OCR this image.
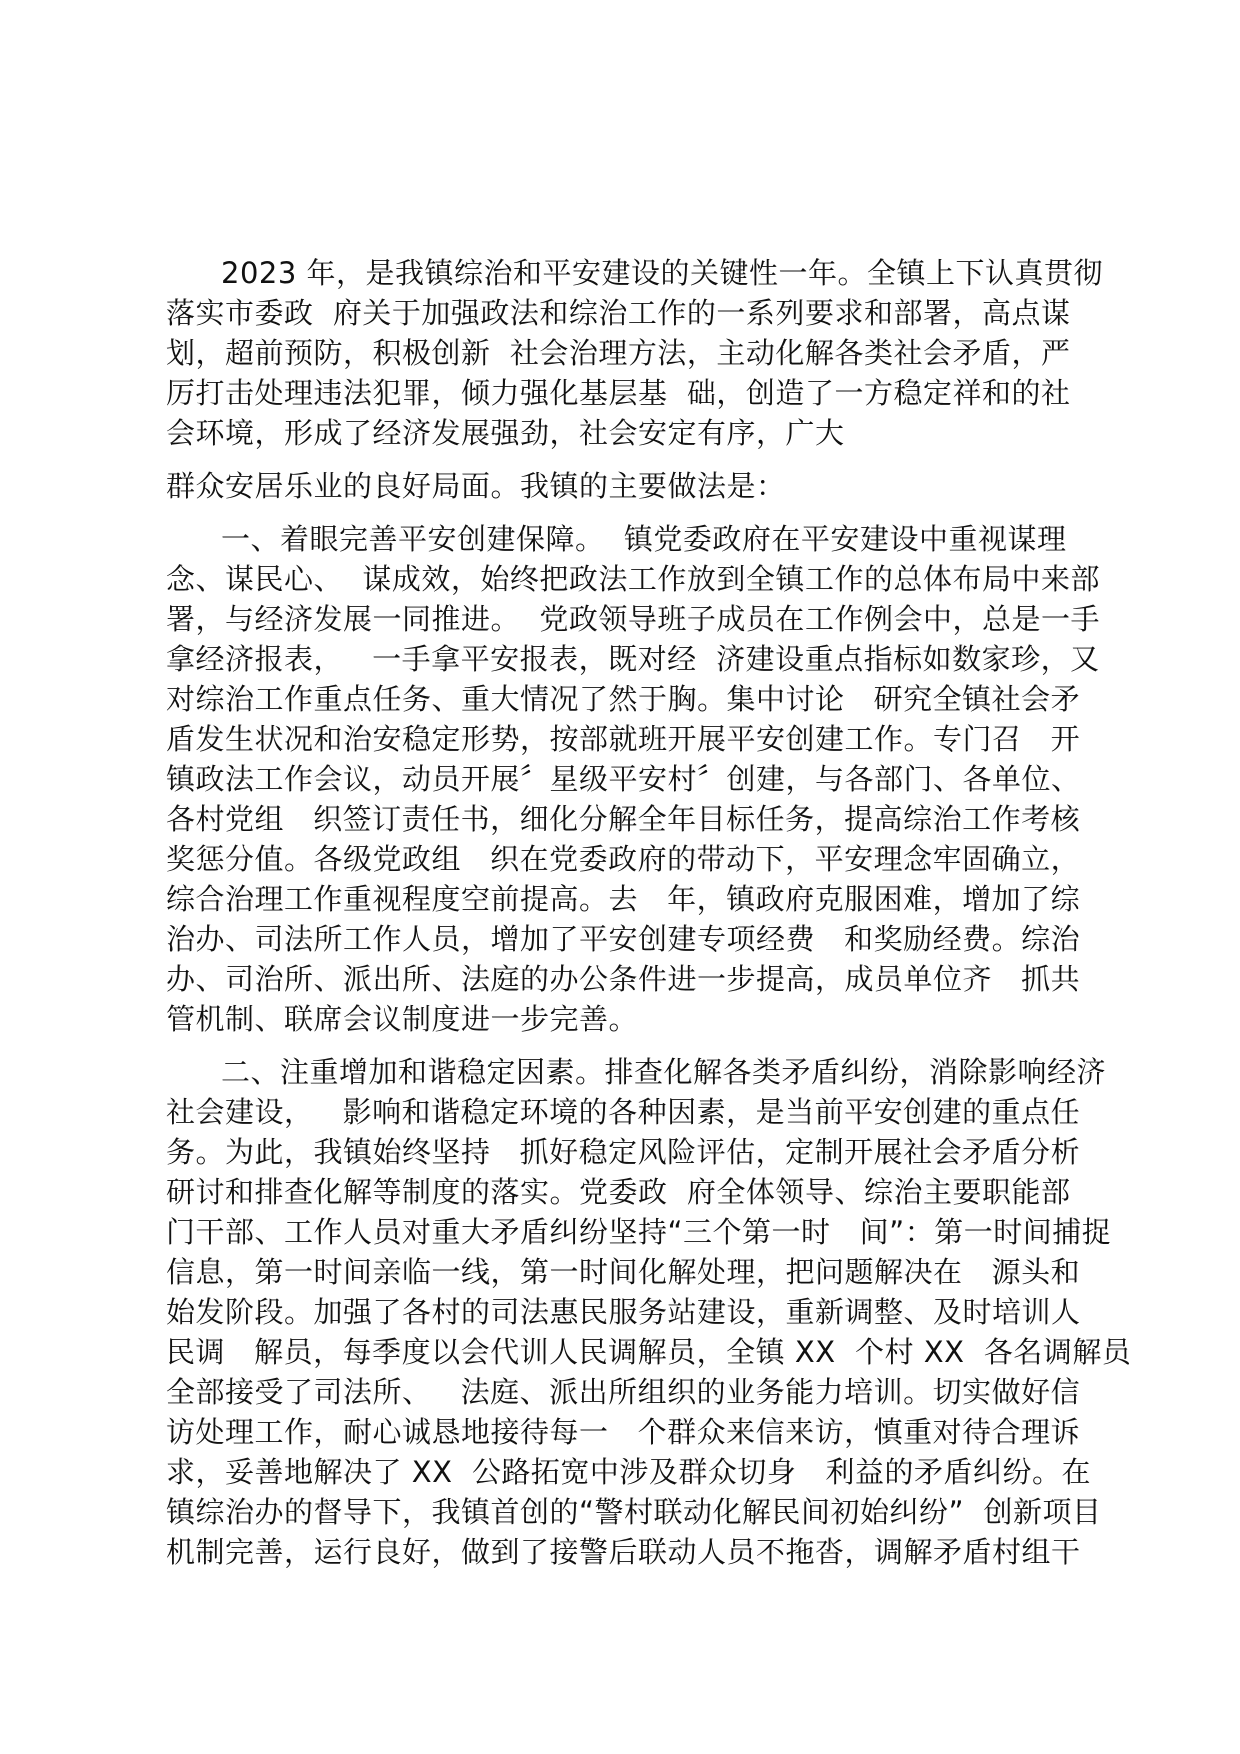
2023 年，是我镇综治和平安建设的关键性一年。全镇上下认真贯彻
落实市委政  府关于加强政法和综治工作的一系列要求和部署，高点谋
划，超前预防，积极创新  社会治理方法，主动化解各类社会矛盾，严
厉打击处理违法犯罪，倾力强化基层基  础，创造了一方稳定祥和的社
会环境，形成了经济发展强劲，社会安定有序，广大
群众安居乐业的良好局面。我镇的主要做法是：
一、着眼完善平安创建保障。  镇党委政府在平安建设中重视谋理
念、谋民心、  谋成效，始终把政法工作放到全镇工作的总体布局中来部
署，与经济发展一同推进。  党政领导班子成员在工作例会中，总是一手
拿经济报表，   一手拿平安报表，既对经  济建设重点指标如数家珍，又
对综治工作重点任务、重大情况了然于胸。集中讨论   研究全镇社会矛
盾发生状况和治安稳定形势，按部就班开展平安创建工作。专门召   开
镇政法工作会议，动员开展〞星级平安村〞创建，与各部门、各单位、
各村党组   织签订责任书，细化分解全年目标任务，提高综治工作考核
奖惩分值。各级党政组   织在党委政府的带动下，平安理念牢固确立，
综合治理工作重视程度空前提高。去   年，镇政府克服困难，增加了综
治办、司法所工作人员，增加了平安创建专项经费   和奖励经费。综治
办、司治所、派出所、法庭的办公条件进一步提高，成员单位齐   抓共
管机制、联席会议制度进一步完善。
二、注重增加和谐稳定因素。排查化解各类矛盾纠纷，消除影响经济
社会建设，   影响和谐稳定环境的各种因素，是当前平安创建的重点任
务。为此，我镇始终坚持   抓好稳定风险评估，定制开展社会矛盾分析
研讨和排查化解等制度的落实。党委政  府全体领导、综治主要职能部
门干部、工作人员对重大矛盾纠纷坚持“三个第一时   间”：第一时间捕捉
信息，第一时间亲临一线，第一时间化解处理，把问题解决在   源头和
始发阶段。加强了各村的司法惠民服务站建设，重新调整、及时培训人
民调   解员，每季度以会代训人民调解员，全镇 XX  个村 XX  各名调解员
全部接受了司法所、   法庭、派出所组织的业务能力培训。切实做好信
访处理工作，耐心诚恳地接待每一   个群众来信来访，慎重对待合理诉
求，妥善地解决了 XX  公路拓宽中涉及群众切身   利益的矛盾纠纷。在
镇综治办的督导下，我镇首创的“警村联动化解民间初始纠纷”  创新项目
机制完善，运行良好，做到了接警后联动人员不拖沓，调解矛盾村组干
